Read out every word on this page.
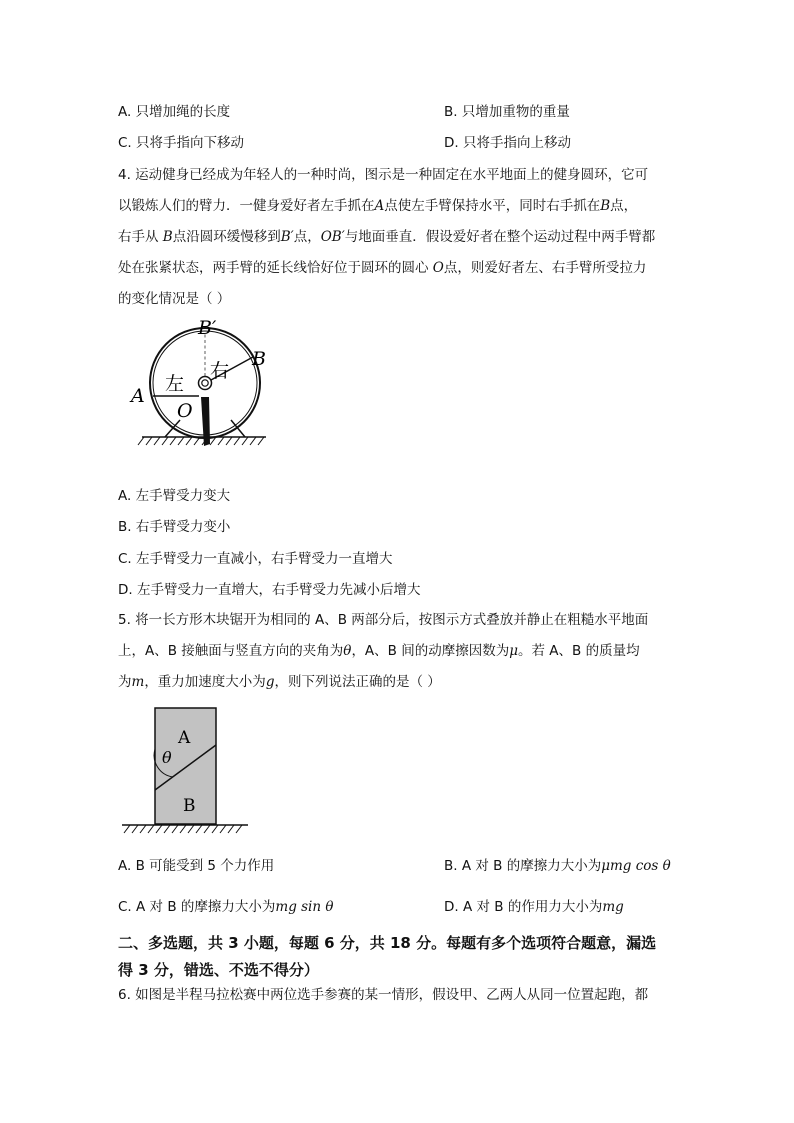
A. 只增加绳的长度	B. 只增加重物的重量
C. 只将手指向下移动	D. 只将手指向上移动
4. 运动健身已经成为年轻人的一种时尚，图示是一种固定在水平地面上的健身圆环，它可
以锻炼人们的臂力．一健身爱好者左手抓在A点使左手臂保持水平，同时右手抓在B点，
右手从 B点沿圆环缓慢移到B′点，OB′与地面垂直．假设爱好者在整个运动过程中两手臂都
处在张紧状态，两手臂的延长线恰好位于圆环的圆心 O点，则爱好者左、右手臂所受拉力
的变化情况是（ ）
B′
B
A
O
左
右
A. 左手臂受力变大
B. 右手臂受力变小
C. 左手臂受力一直减小，右手臂受力一直增大
D. 左手臂受力一直增大，右手臂受力先减小后增大
5. 将一长方形木块锯开为相同的 A、B 两部分后，按图示方式叠放并静止在粗糙水平地面
上，A、B 接触面与竖直方向的夹角为θ，A、B 间的动摩擦因数为μ。若 A、B 的质量均
为m，重力加速度大小为g，则下列说法正确的是（ ）
A
B
θ
A. B 可能受到 5 个力作用	B. A 对 B 的摩擦力大小为μmg cos θ
C. A 对 B 的摩擦力大小为mg sin θ	D. A 对 B 的作用力大小为mg
二、多选题，共 3 小题，每题 6 分，共 18 分。每题有多个选项符合题意，漏选
得 3 分，错选、不选不得分）
6. 如图是半程马拉松赛中两位选手参赛的某一情形，假设甲、乙两人从同一位置起跑，都
